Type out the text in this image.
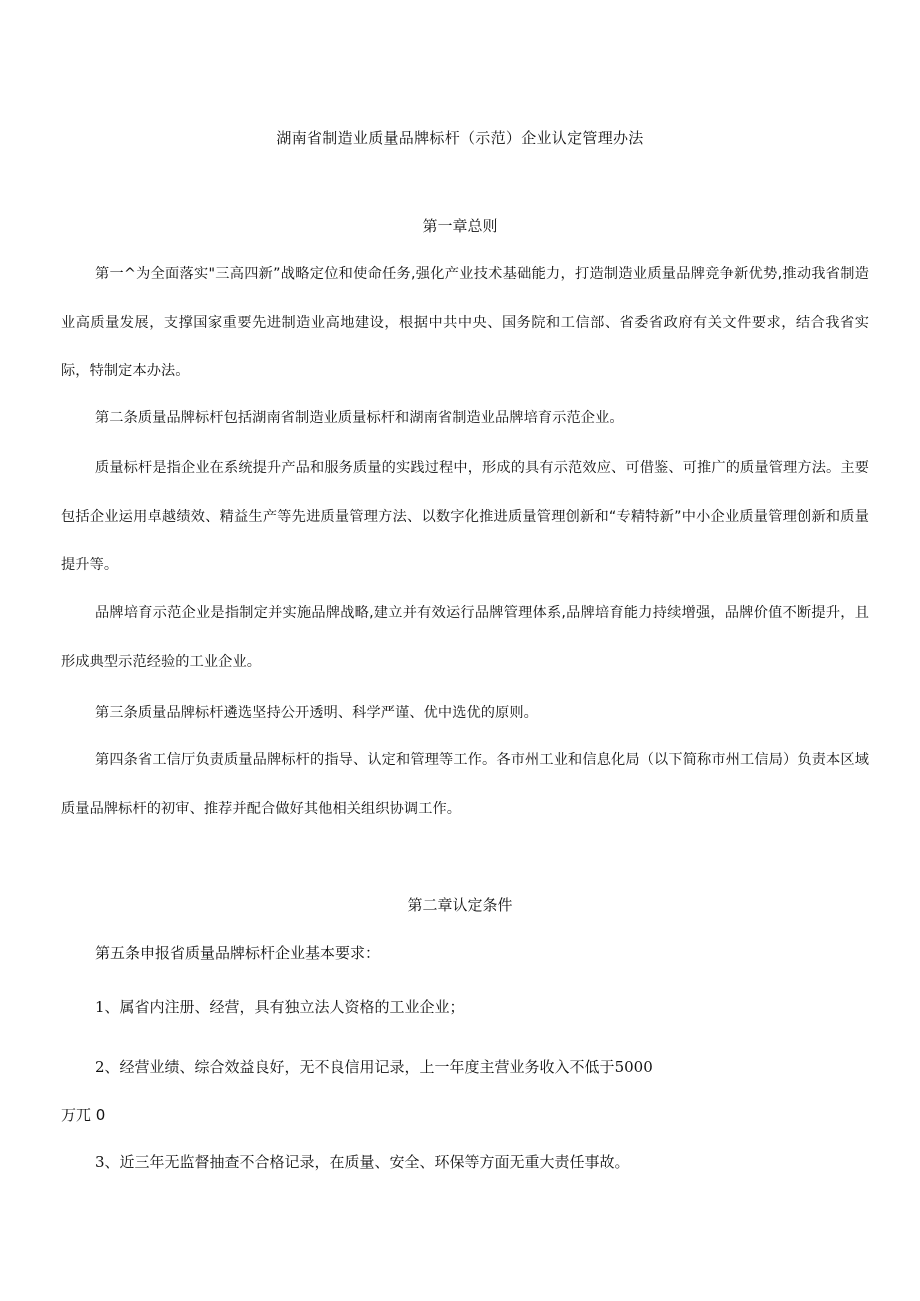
湖南省制造业质量品牌标杆（示范）企业认定管理办法
第一章总则

第一^为全面落实"三高四新”战略定位和使命任务,强化产业技术基础能力，打造制造业质量品牌竞争新优势,推动我省制造业高质量发展，支撑国家重要先进制造业高地建设，根据中共中央、国务院和工信部、省委省政府有关文件要求，结合我省实际，特制定本办法。

第二条质量品牌标杆包括湖南省制造业质量标杆和湖南省制造业品牌培育示范企业。

质量标杆是指企业在系统提升产品和服务质量的实践过程中，形成的具有示范效应、可借鉴、可推广的质量管理方法。主要包括企业运用卓越绩效、精益生产等先进质量管理方法、以数字化推进质量管理创新和“专精特新”中小企业质量管理创新和质量提升等。

品牌培育示范企业是指制定并实施品牌战略,建立并有效运行品牌管理体系,品牌培育能力持续增强，品牌价值不断提升，且形成典型示范经验的工业企业。

第三条质量品牌标杆遴选坚持公开透明、科学严谨、优中选优的原则。

第四条省工信厅负责质量品牌标杆的指导、认定和管理等工作。各市州工业和信息化局（以下简称市州工信局）负责本区域质量品牌标杆的初审、推荐并配合做好其他相关组织协调工作。

第二章认定条件

第五条申报省质量品牌标杆企业基本要求：

1、属省内注册、经营，具有独立法人资格的工业企业；

2、经营业绩、综合效益良好，无不良信用记录，上一年度主营业务收入不低于5000

万兀 0

3、近三年无监督抽查不合格记录，在质量、安全、环保等方面无重大责任事故。
